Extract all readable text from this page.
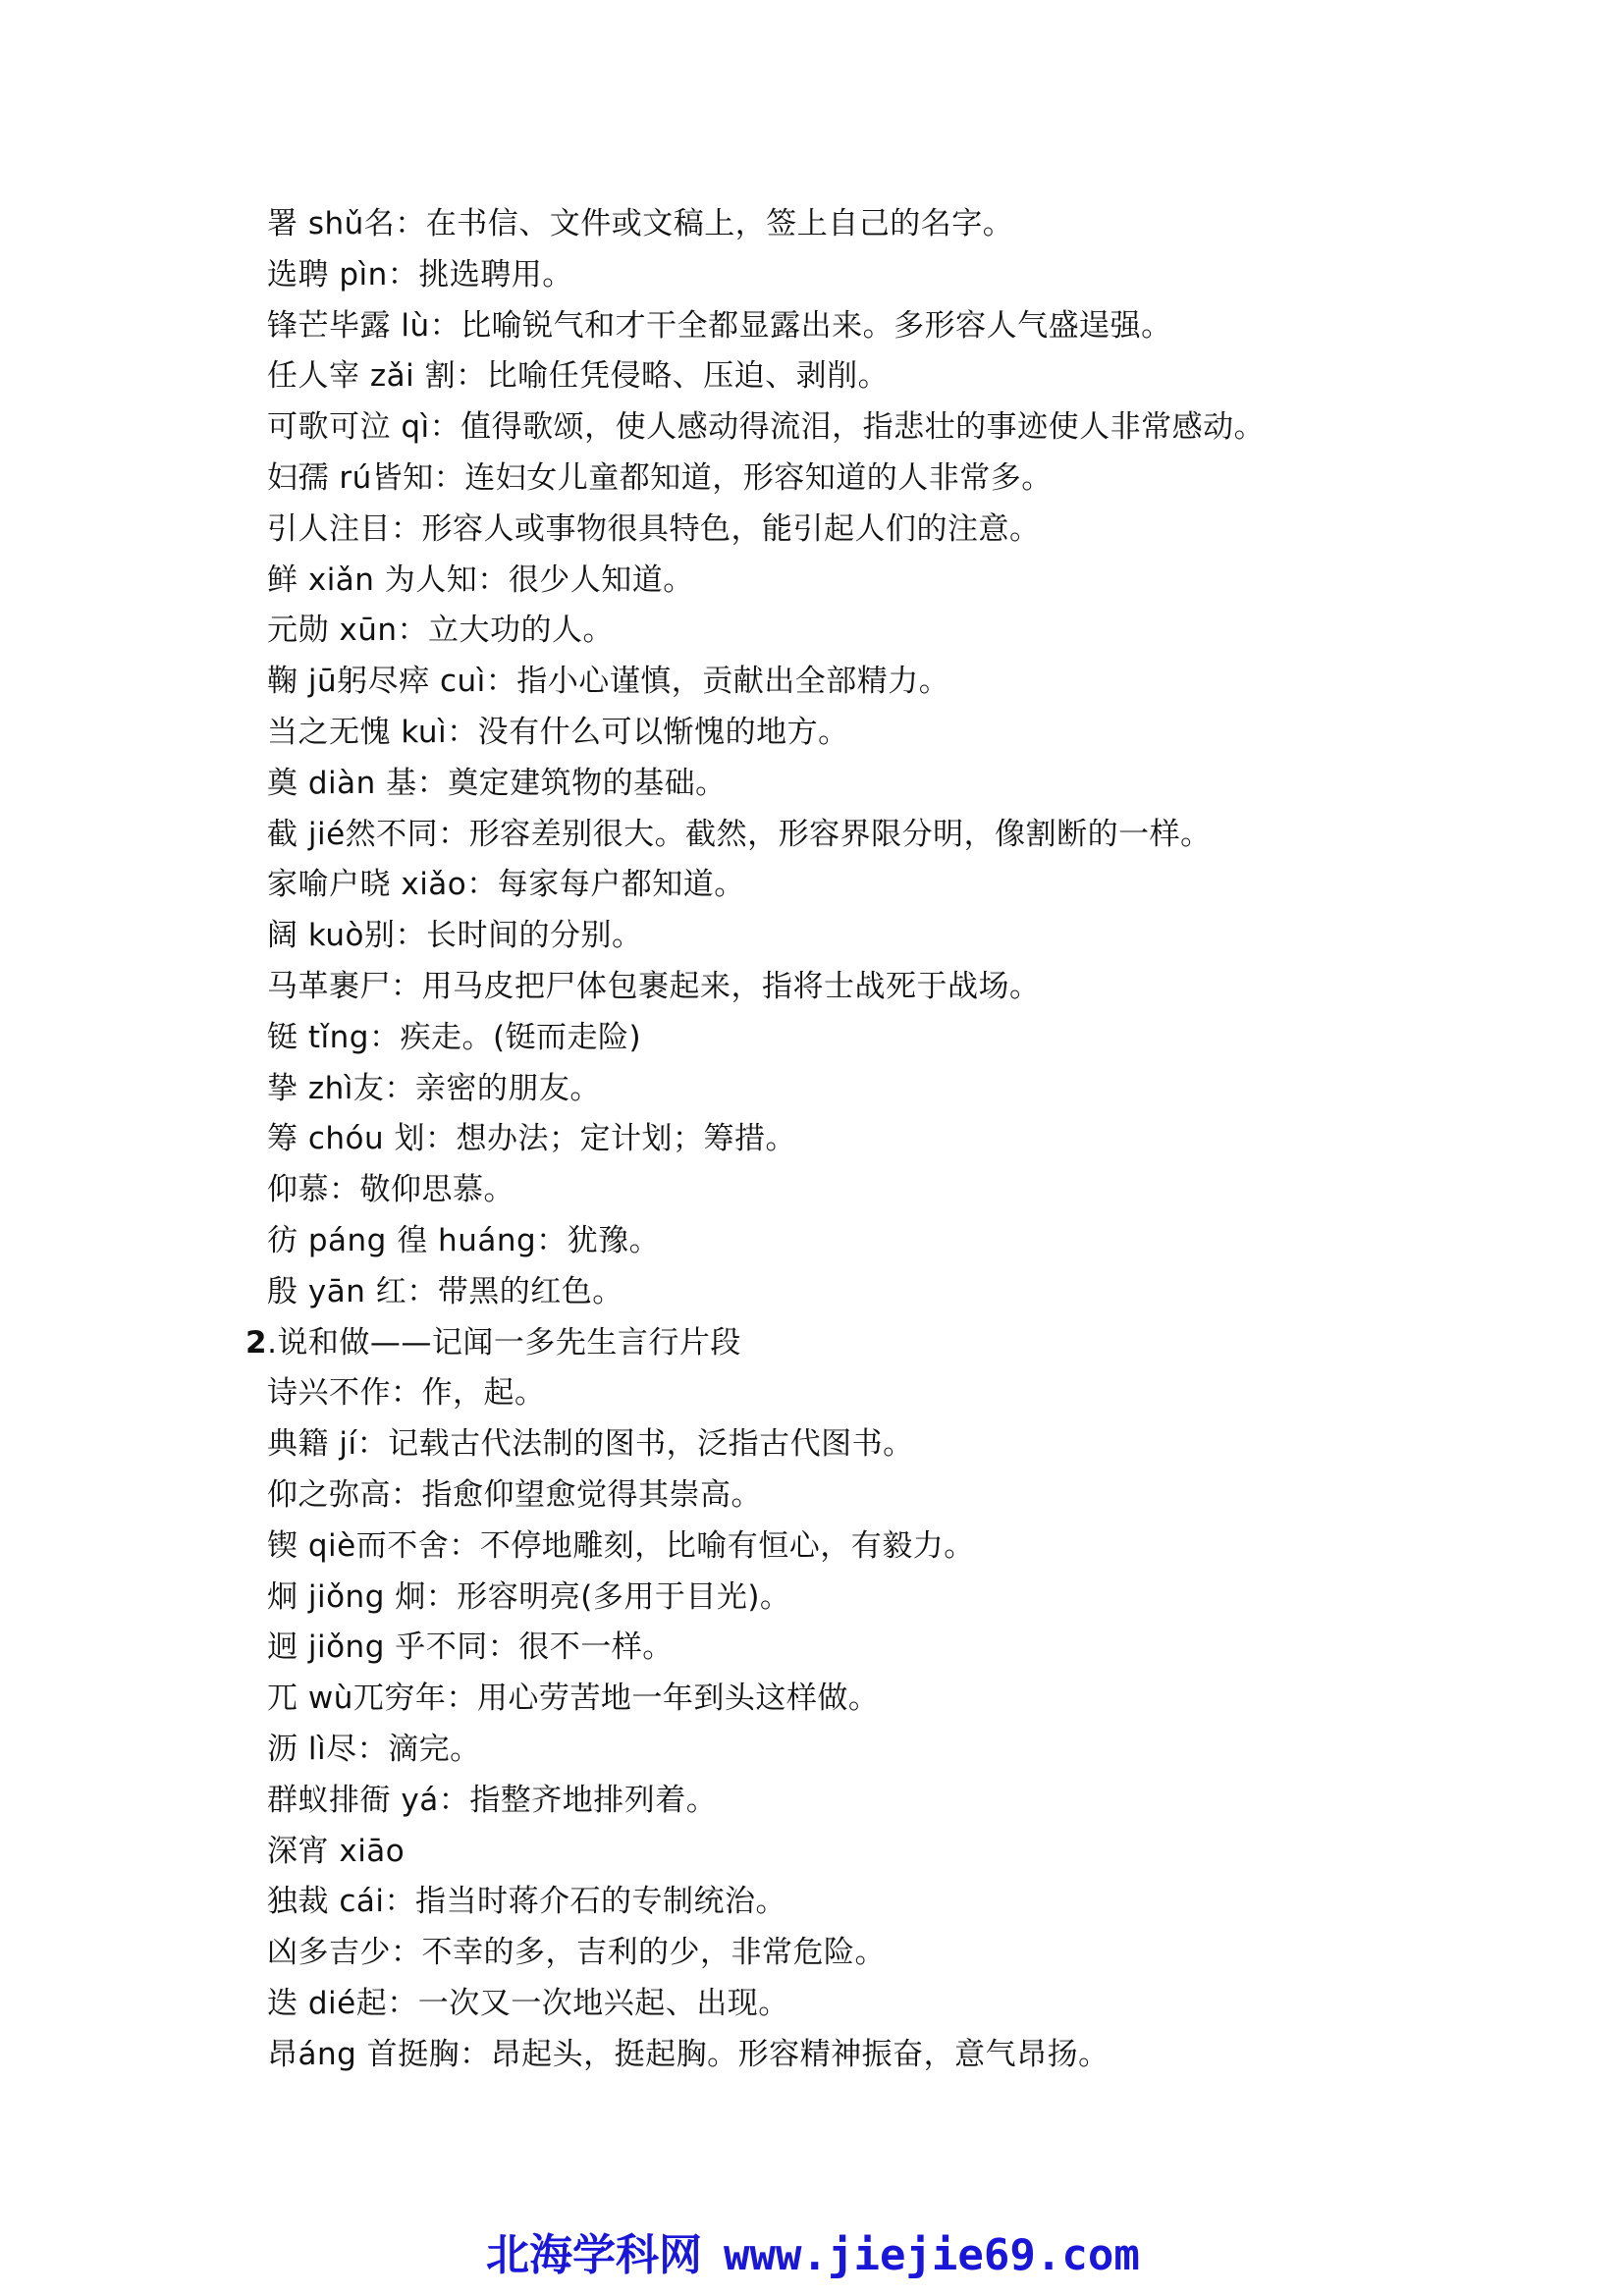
署 shǔ名：在书信、文件或文稿上，签上自己的名字。
选聘 pìn：挑选聘用。
锋芒毕露 lù：比喻锐气和才干全都显露出来。多形容人气盛逞强。
任人宰 zǎi 割：比喻任凭侵略、压迫、剥削。
可歌可泣 qì：值得歌颂，使人感动得流泪，指悲壮的事迹使人非常感动。
妇孺 rú皆知：连妇女儿童都知道，形容知道的人非常多。
引人注目：形容人或事物很具特色，能引起人们的注意。
鲜 xiǎn 为人知：很少人知道。
元勋 xūn：立大功的人。
鞠 jū躬尽瘁 cuì：指小心谨慎，贡献出全部精力。
当之无愧 kuì：没有什么可以惭愧的地方。
奠 diàn 基：奠定建筑物的基础。
截 jié然不同：形容差别很大。截然，形容界限分明，像割断的一样。
家喻户晓 xiǎo：每家每户都知道。
阔 kuò别：长时间的分别。
马革裹尸：用马皮把尸体包裹起来，指将士战死于战场。
铤 tǐng：疾走。(铤而走险)
挚 zhì友：亲密的朋友。
筹 chóu 划：想办法；定计划；筹措。
仰慕：敬仰思慕。
彷 páng 徨 huáng：犹豫。
殷 yān 红：带黑的红色。
2.说和做——记闻一多先生言行片段
诗兴不作：作，起。
典籍 jí：记载古代法制的图书，泛指古代图书。
仰之弥高：指愈仰望愈觉得其崇高。
锲 qiè而不舍：不停地雕刻，比喻有恒心，有毅力。
炯 jiǒng 炯：形容明亮(多用于目光)。
迥 jiǒng 乎不同：很不一样。
兀 wù兀穷年：用心劳苦地一年到头这样做。
沥 lì尽：滴完。
群蚁排衙 yá：指整齐地排列着。
深宵 xiāo
独裁 cái：指当时蒋介石的专制统治。
凶多吉少：不幸的多，吉利的少，非常危险。
迭 dié起：一次又一次地兴起、出现。
昂áng 首挺胸：昂起头，挺起胸。形容精神振奋，意气昂扬。
北海学科网 www.jiejie69.com
